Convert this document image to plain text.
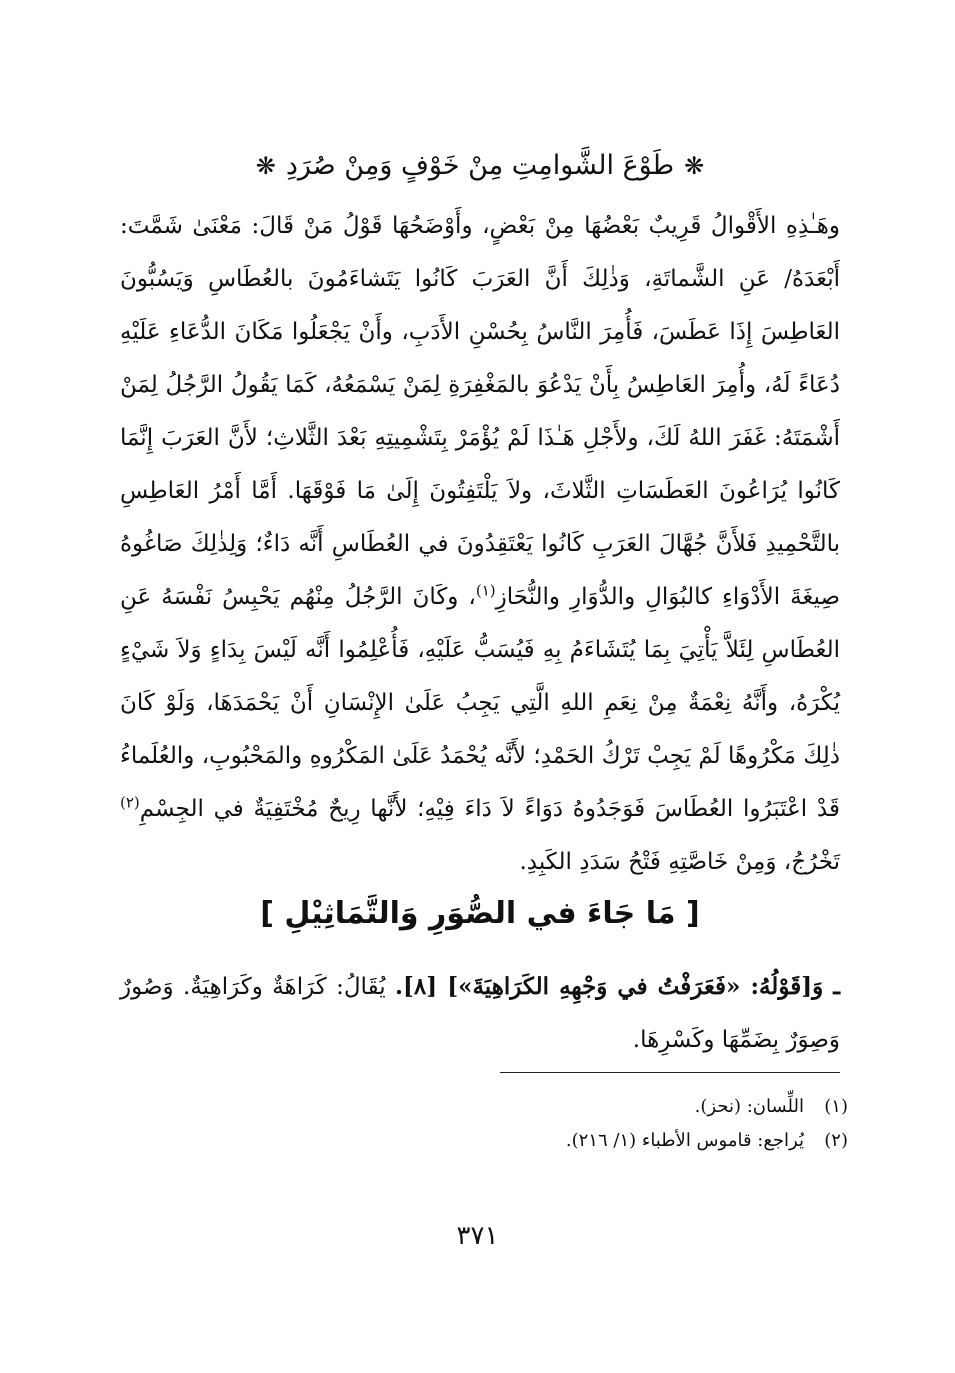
❋طَوْعَ الشَّوامِتِ مِنْ خَوْفٍ وَمِنْ صُرَدِ❋

وهَـٰذِهِ الأَقْوالُ قَرِيبٌ بَعْضُهَا مِنْ بَعْضٍ، وأَوْضَحُهَا قَوْلُ مَنْ قَالَ: مَعْنَىٰ شَمَّتَ: أَبْعَدَهُ/ عَنِ الشَّماتَةِ، وَذٰلِكَ أَنَّ العَرَبَ كَانُوا يَتَشاءَمُونَ بالعُطَاسِ وَيَسُبُّونَ العَاطِسَ إِذَا عَطَسَ، فَأُمِرَ النَّاسُ بِحُسْنِ الأَدَبِ، وأَنْ يَجْعَلُوا مَكَانَ الدُّعَاءِ عَلَيْهِ دُعَاءً لَهُ، وأُمِرَ العَاطِسُ بِأَنْ يَدْعُوَ بالمَغْفِرَةِ لِمَنْ يَسْمَعُهُ، كَمَا يَقُولُ الرَّجُلُ لِمَنْ أَشْمَتَهُ: غَفَرَ اللهُ لَكَ، ولأَجْلِ هَـٰذَا لَمْ يُؤْمَرْ بِتَشْمِيتِهِ بَعْدَ الثَّلاثِ؛ لأَنَّ العَرَبَ إِنَّمَا كَانُوا يُرَاعُونَ العَطَسَاتِ الثَّلاثَ، ولاَ يَلْتَفِتُونَ إِلَىٰ مَا فَوْقَهَا. أَمَّا أَمْرُ العَاطِسِ بالتَّحْمِيدِ فَلأَنَّ جُهَّالَ العَرَبِ كَانُوا يَعْتَقِدُونَ في العُطَاسِ أَنَّه دَاءٌ؛ وَلِذٰلِكَ صَاغُوهُ صِيغَةَ الأَدْوَاءِ كالبُوَالِ والدُّوَارِ والنُّحَازِ$^{(١)}$، وكَانَ الرَّجُلُ مِنْهُم يَحْبِسُ نَفْسَهُ عَنِ العُطَاسِ لِئَلاَّ يَأْتِيَ بِمَا يُتَشَاءَمُ بِهِ فَيُسَبُّ عَلَيْهِ، فَأُعْلِمُوا أَنَّه لَيْسَ بِدَاءٍ وَلاَ شَيْءٍ يُكْرَهُ، وأَنَّهُ نِعْمَةٌ مِنْ نِعَمِ اللهِ الَّتِي يَجِبُ عَلَىٰ الإِنْسَانِ أَنْ يَحْمَدَهَا، وَلَوْ كَانَ ذٰلِكَ مَكْرُوهًا لَمْ يَجِبْ تَرْكُ الحَمْدِ؛ لأَنَّه يُحْمَدُ عَلَىٰ المَكْرُوهِ والمَحْبُوبِ، والعُلَماءُ قَدْ اعْتَبَرُوا العُطَاسَ فَوَجَدُوهُ دَوَاءً لاَ دَاءَ فِيْهِ؛ لأَنَّها رِيحٌ مُخْتَفِيَةٌ في الجِسْمِ$^{(٢)}$ تَخْرُجُ، وَمِنْ خَاصَّتِهِ فَتْحُ سَدَدِ الكَبِدِ.

[ مَا جَاءَ في الصُّوَرِ وَالتَّمَاثِيْلِ ]

ـ وَ[قَوْلُهُ: «فَعَرَفْتُ في وَجْهِهِ الكَرَاهِيَةَ»] [٨]. يُقَالُ: كَرَاهَةٌ وكَرَاهِيَةٌ. وَصُورٌ وَصِوَرٌ بِضَمِّهَا وكَسْرِهَا.

(١)
اللِّسان: (نحز).
(٢)
يُراجع: قاموس الأطباء (١/ ٢١٦).
٣٧١
